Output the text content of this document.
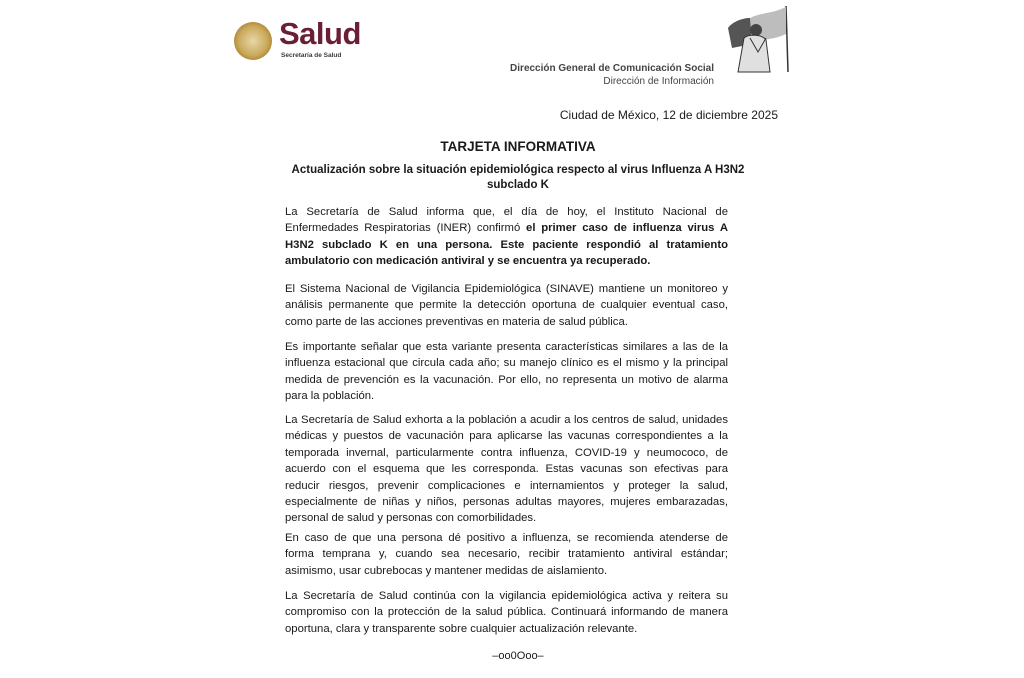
Salud
Secretaría de Salud
Dirección General de Comunicación Social
Dirección de Información
Ciudad de México, 12 de diciembre 2025
TARJETA INFORMATIVA
Actualización sobre la situación epidemiológica respecto al virus Influenza A H3N2
subclado K
La Secretaría de Salud informa que, el día de hoy, el Instituto Nacional de
Enfermedades Respiratorias (INER) confirmó el primer caso de influenza virus A
H3N2 subclado K en una persona. Este paciente respondió al tratamiento
ambulatorio con medicación antiviral y se encuentra ya recuperado.
El Sistema Nacional de Vigilancia Epidemiológica (SINAVE) mantiene un monitoreo y
análisis permanente que permite la detección oportuna de cualquier eventual caso,
como parte de las acciones preventivas en materia de salud pública.
Es importante señalar que esta variante presenta características similares a las de la
influenza estacional que circula cada año; su manejo clínico es el mismo y la principal
medida de prevención es la vacunación. Por ello, no representa un motivo de alarma
para la población.
La Secretaría de Salud exhorta a la población a acudir a los centros de salud, unidades
médicas y puestos de vacunación para aplicarse las vacunas correspondientes a la
temporada invernal, particularmente contra influenza, COVID-19 y neumococo, de
acuerdo con el esquema que les corresponda. Estas vacunas son efectivas para
reducir riesgos, prevenir complicaciones e internamientos y proteger la salud,
especialmente de niñas y niños, personas adultas mayores, mujeres embarazadas,
personal de salud y personas con comorbilidades.
En caso de que una persona dé positivo a influenza, se recomienda atenderse de
forma temprana y, cuando sea necesario, recibir tratamiento antiviral estándar;
asimismo, usar cubrebocas y mantener medidas de aislamiento.
La Secretaría de Salud continúa con la vigilancia epidemiológica activa y reitera su
compromiso con la protección de la salud pública. Continuará informando de manera
oportuna, clara y transparente sobre cualquier actualización relevante.
–oo0Ooo–
